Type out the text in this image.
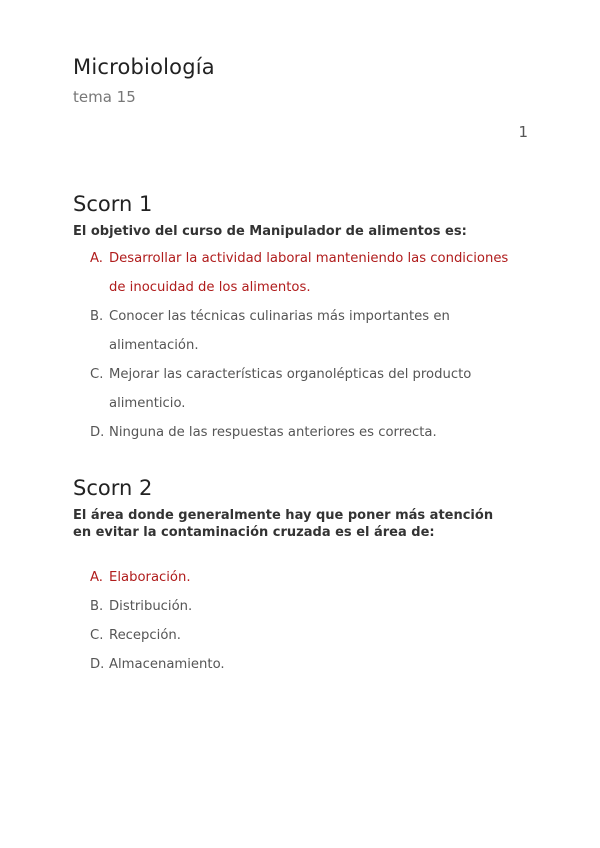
Microbiología
tema 15
1
Scorn 1

El objetivo del curso de Manipulador de alimentos es:

A. Desarrollar la actividad laboral manteniendo las condiciones de inocuidad de los alimentos.
B. Conocer las técnicas culinarias más importantes en alimentación.
C. Mejorar las características organolépticas del producto alimenticio.
D. Ninguna de las respuestas anteriores es correcta.
Scorn 2

El área donde generalmente hay que poner más atención en evitar la contaminación cruzada es el área de:

A. Elaboración.
B. Distribución.
C. Recepción.
D. Almacenamiento.
